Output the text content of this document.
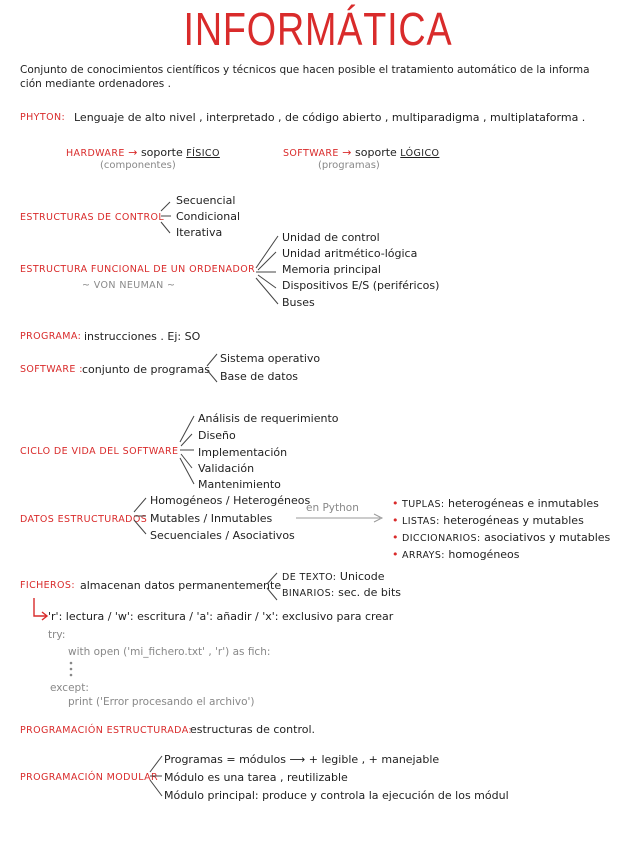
INFORMÁTICA
Conjunto de conocimientos científicos y técnicos que hacen posible el tratamiento automático de la informa
ción mediante ordenadores .
PHYTON: Lenguaje de alto nivel , interpretado , de código abierto , multiparadigma , multiplataforma .
HARDWARE → soporte FÍSICO
(componentes)
SOFTWARE → soporte LÓGICO
(programas)
ESTRUCTURAS DE CONTROL
Secuencial
Condicional
Iterativa
ESTRUCTURA FUNCIONAL DE UN ORDENADOR
~ VON NEUMAN ~
Unidad de control
Unidad aritmético-lógica
Memoria principal
Dispositivos E/S (periféricos)
Buses
PROGRAMA: instrucciones . Ej: SO
SOFTWARE : conjunto de programas
Sistema operativo
Base de datos
CICLO DE VIDA DEL SOFTWARE
Análisis de requerimiento
Diseño
Implementación
Validación
Mantenimiento
DATOS ESTRUCTURADOS
Homogéneos / Heterogéneos
Mutables / Inmutables
Secuenciales / Asociativos
en Python	• TUPLAS: heterogéneas e inmutables
• LISTAS: heterogéneas y mutables
• DICCIONARIOS: asociativos y mutables
• ARRAYS: homogéneos
FICHEROS: almacenan datos permanentemente
DE TEXTO: Unicode
BINARIOS: sec. de bits
'r': lectura / 'w': escritura / 'a': añadir / 'x': exclusivo para crear
try:
with open ('mi_fichero.txt' , 'r') as fich:
except:
print ('Error procesando el archivo')
PROGRAMACIÓN ESTRUCTURADA:
estructuras de control.
PROGRAMACIÓN MODULAR
Programas = módulos ⟶ + legible , + manejable
Módulo es una tarea , reutilizable
Módulo principal: produce y controla la ejecución de los módul
